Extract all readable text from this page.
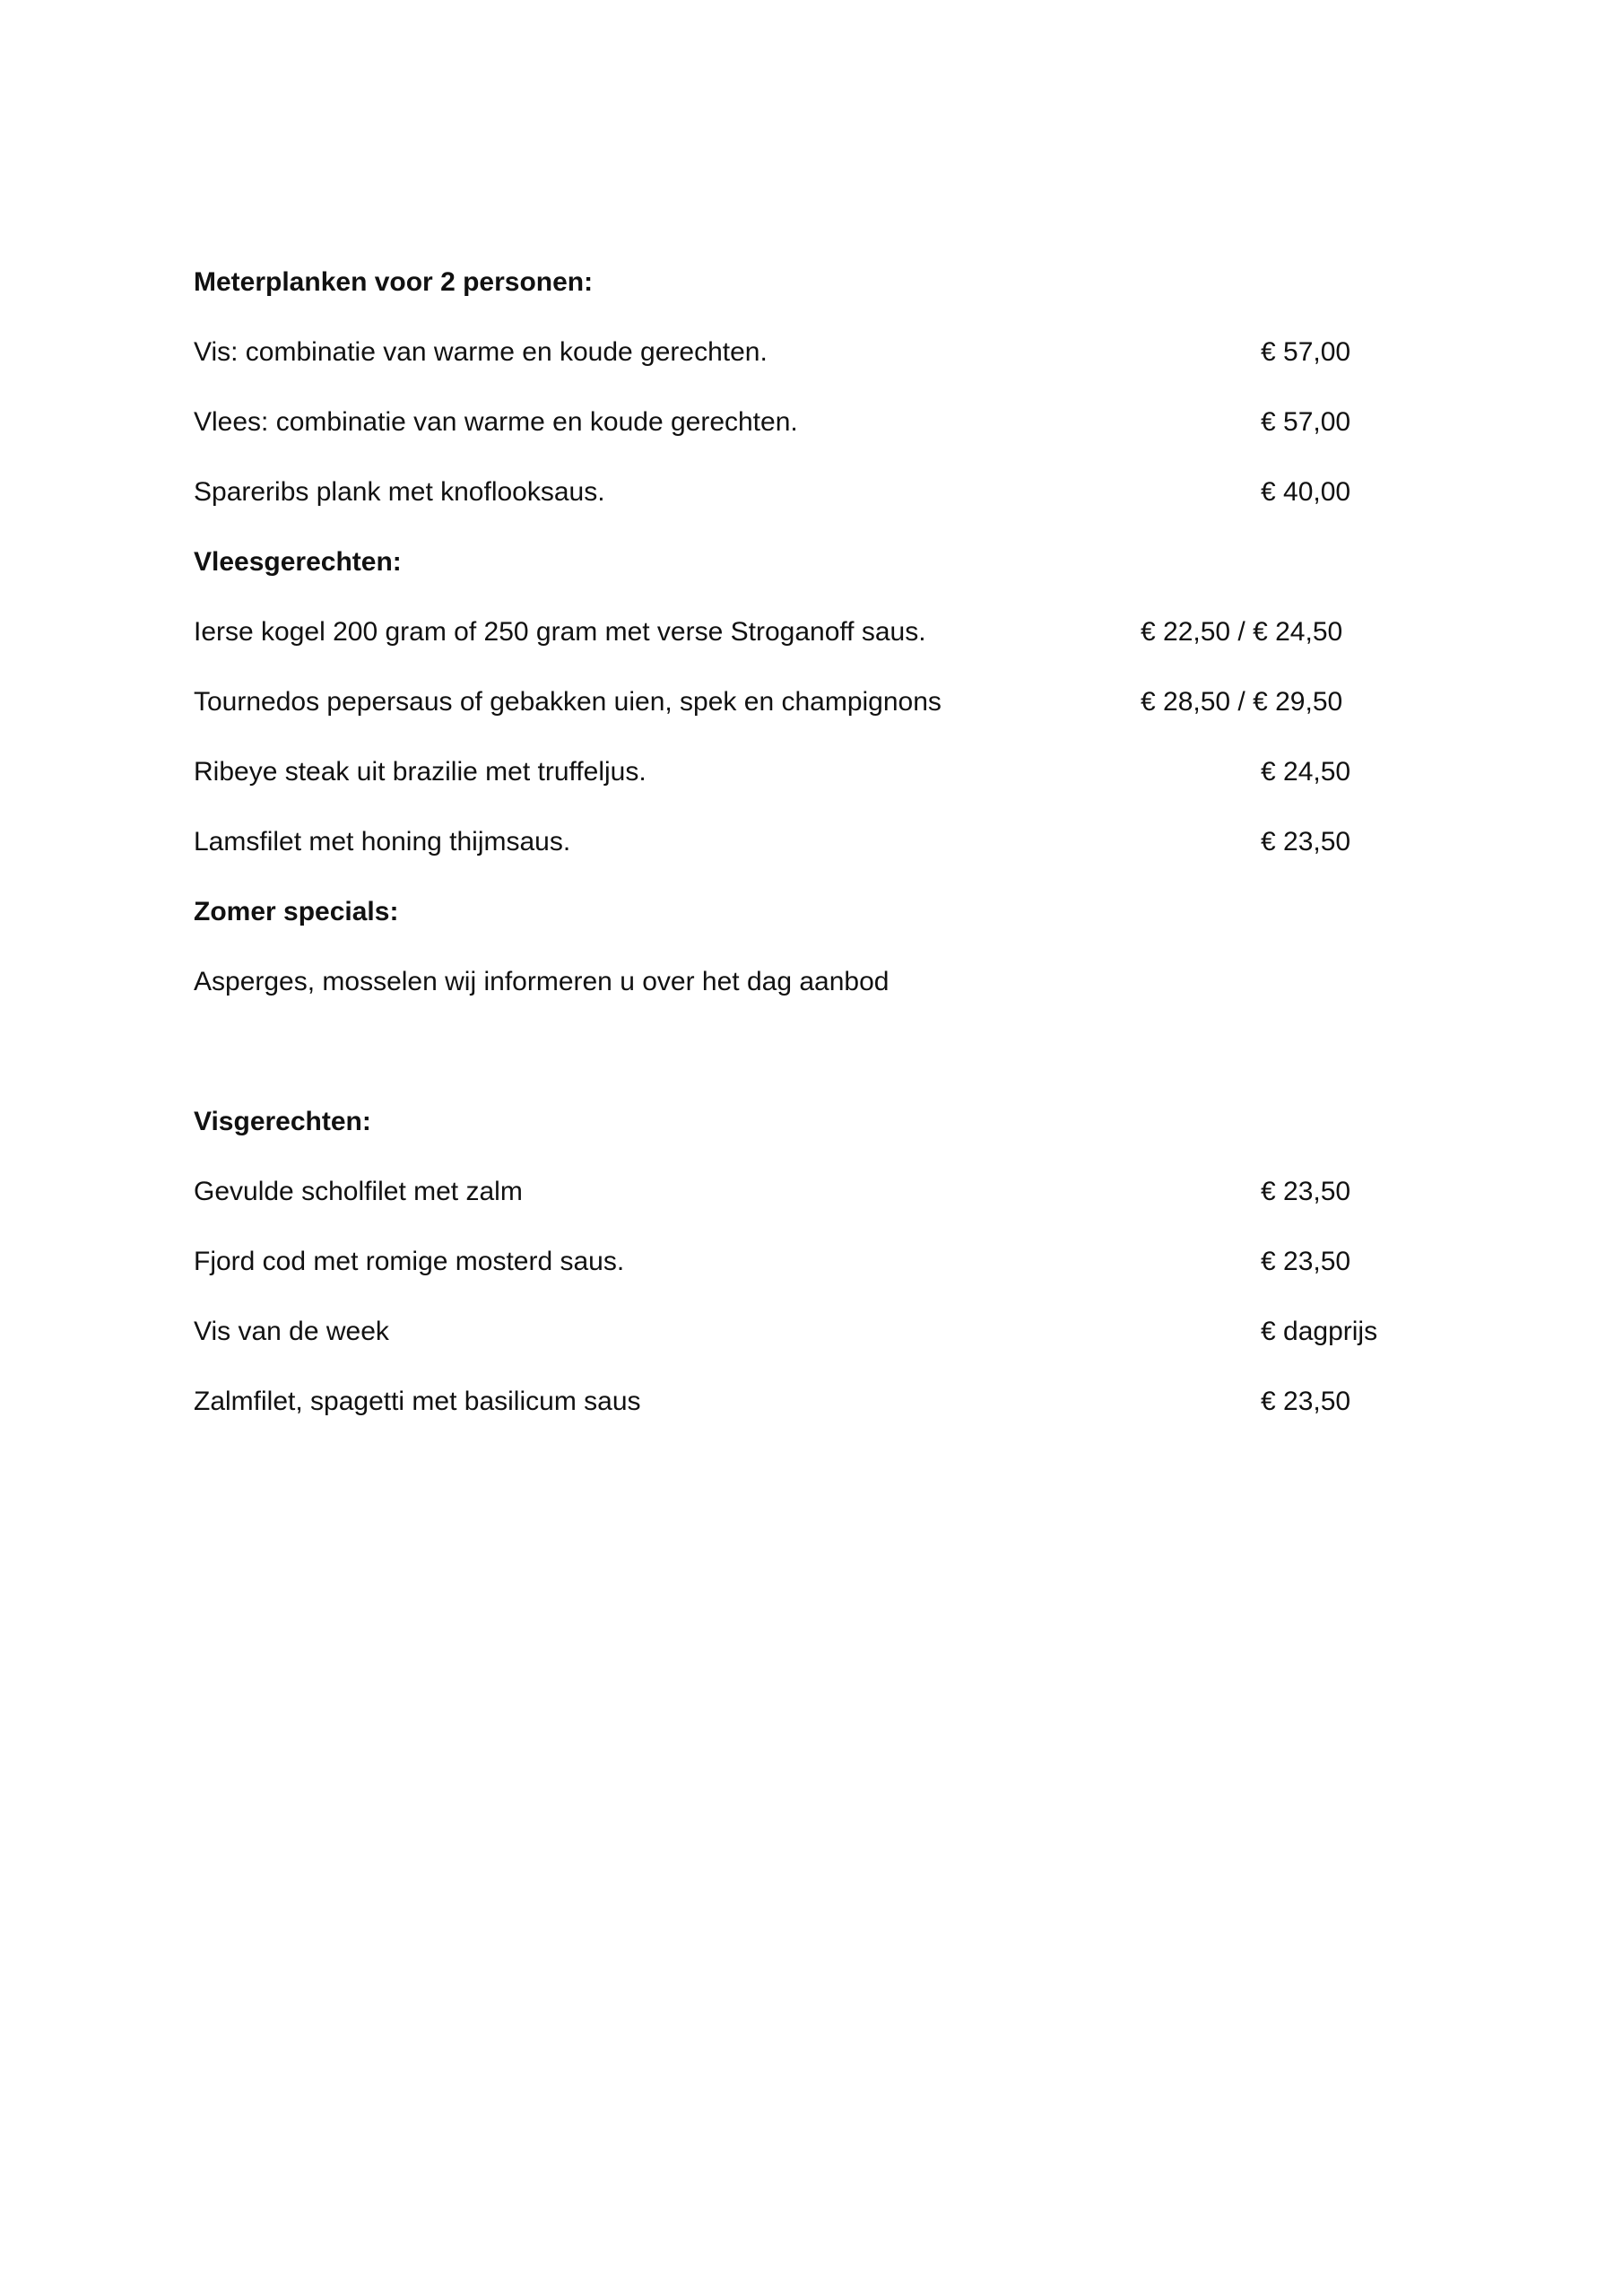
Meterplanken voor 2 personen:
Vis: combinatie van warme en koude gerechten.	€ 57,00
Vlees: combinatie van warme en koude gerechten.	€ 57,00
Spareribs plank met knoflooksaus.	€ 40,00
Vleesgerechten:
Ierse kogel 200 gram of 250 gram met verse Stroganoff saus.	€ 22,50 / € 24,50
Tournedos pepersaus of gebakken uien, spek en champignons	€ 28,50 / € 29,50
Ribeye steak uit brazilie met truffeljus.	€ 24,50
Lamsfilet met honing thijmsaus.	€ 23,50
Zomer specials:
Asperges, mosselen wij informeren u over het dag aanbod
Visgerechten:
Gevulde scholfilet met zalm	€ 23,50
Fjord cod met romige mosterd saus.	€ 23,50
Vis van de week	€ dagprijs
Zalmfilet, spagetti met basilicum saus	€ 23,50
